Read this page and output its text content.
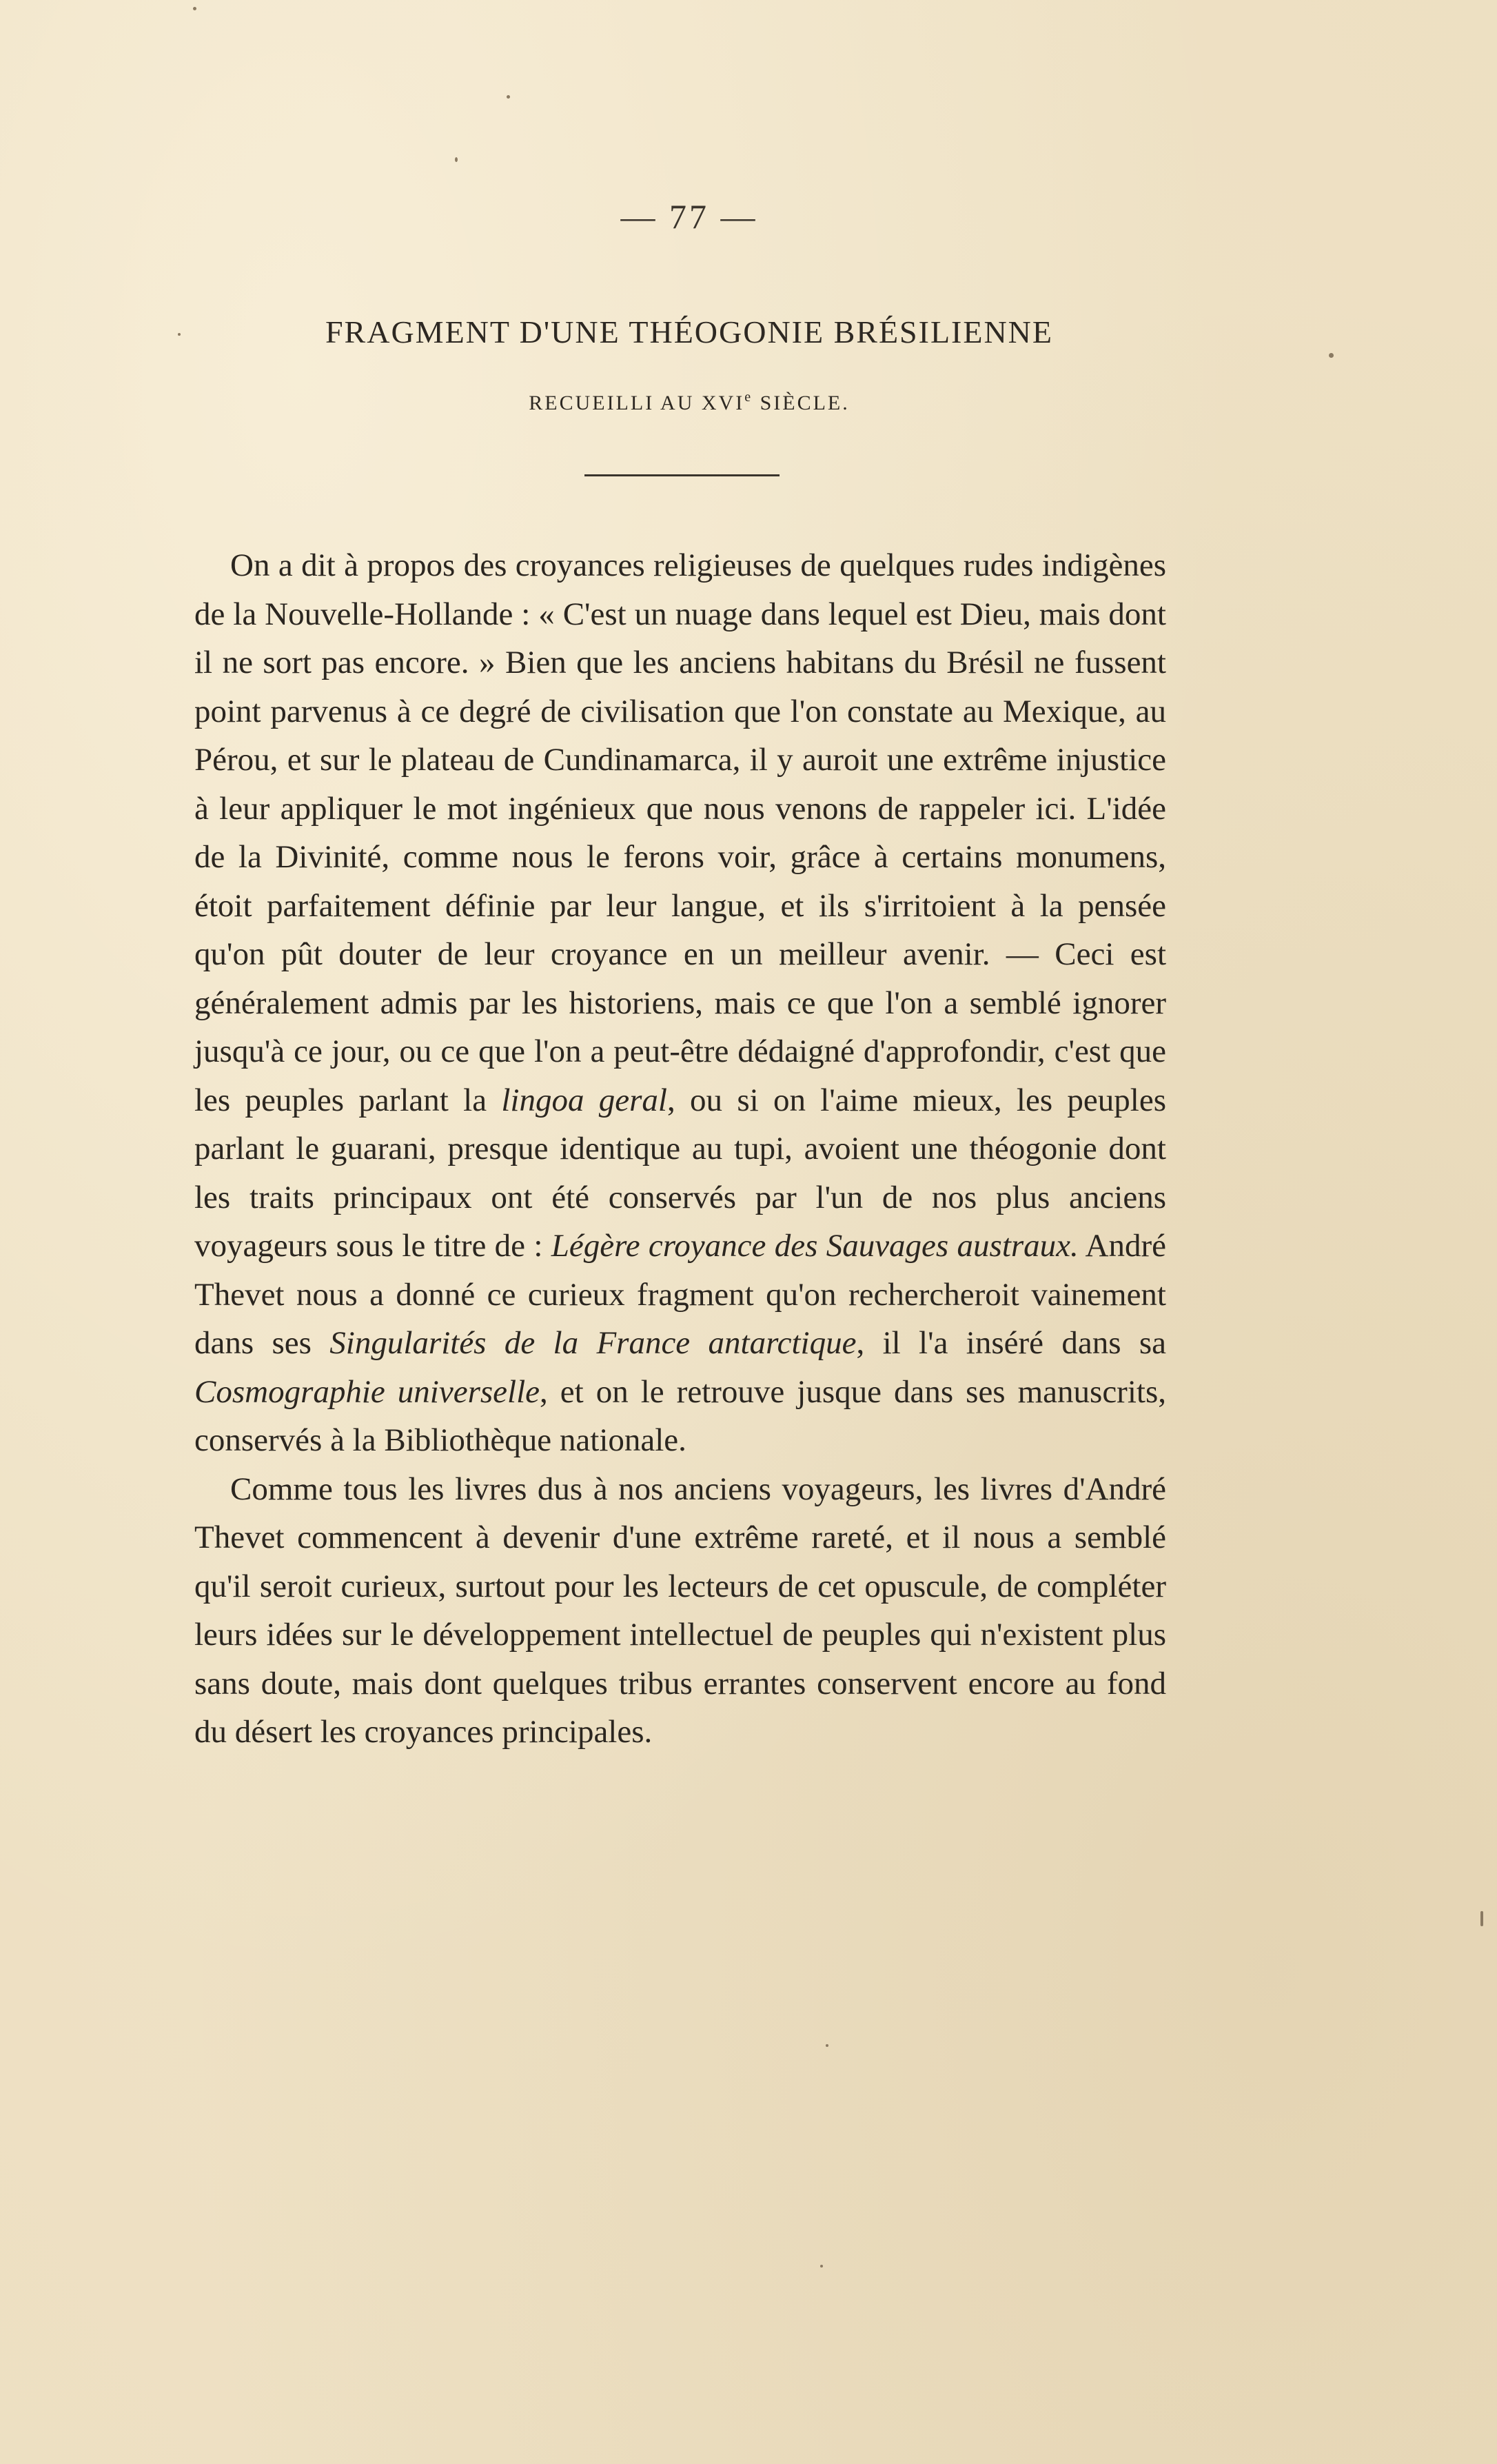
— 77 —
FRAGMENT D'UNE THÉOGONIE BRÉSILIENNE
RECUEILLI AU XVIe SIÈCLE.

On a dit à propos des croyances religieuses de quelques rudes indigènes de la Nouvelle-Hollande : « C'est un nuage dans lequel est Dieu, mais dont il ne sort pas encore. » Bien que les anciens habitans du Brésil ne fussent point parvenus à ce degré de civilisation que l'on constate au Mexique, au Pérou, et sur le plateau de Cundinamarca, il y auroit une extrême injustice à leur appliquer le mot ingénieux que nous venons de rappeler ici. L'idée de la Divinité, comme nous le ferons voir, grâce à certains monumens, étoit parfaitement définie par leur langue, et ils s'irritoient à la pensée qu'on pût douter de leur croyance en un meilleur avenir. — Ceci est généralement admis par les historiens, mais ce que l'on a semblé ignorer jusqu'à ce jour, ou ce que l'on a peut-être dédaigné d'approfondir, c'est que les peuples parlant la lingoa geral, ou si on l'aime mieux, les peuples parlant le guarani, presque identique au tupi, avoient une théogonie dont les traits principaux ont été conservés par l'un de nos plus anciens voyageurs sous le titre de : Légère croyance des Sauvages austraux. André Thevet nous a donné ce curieux fragment qu'on rechercheroit vainement dans ses Singularités de la France antarctique, il l'a inséré dans sa Cosmographie universelle, et on le retrouve jusque dans ses manuscrits, conservés à la Bibliothèque nationale.

Comme tous les livres dus à nos anciens voyageurs, les livres d'André Thevet commencent à devenir d'une extrême rareté, et il nous a semblé qu'il seroit curieux, surtout pour les lecteurs de cet opuscule, de compléter leurs idées sur le développement intellectuel de peuples qui n'existent plus sans doute, mais dont quelques tribus errantes conservent encore au fond du désert les croyances principales.
